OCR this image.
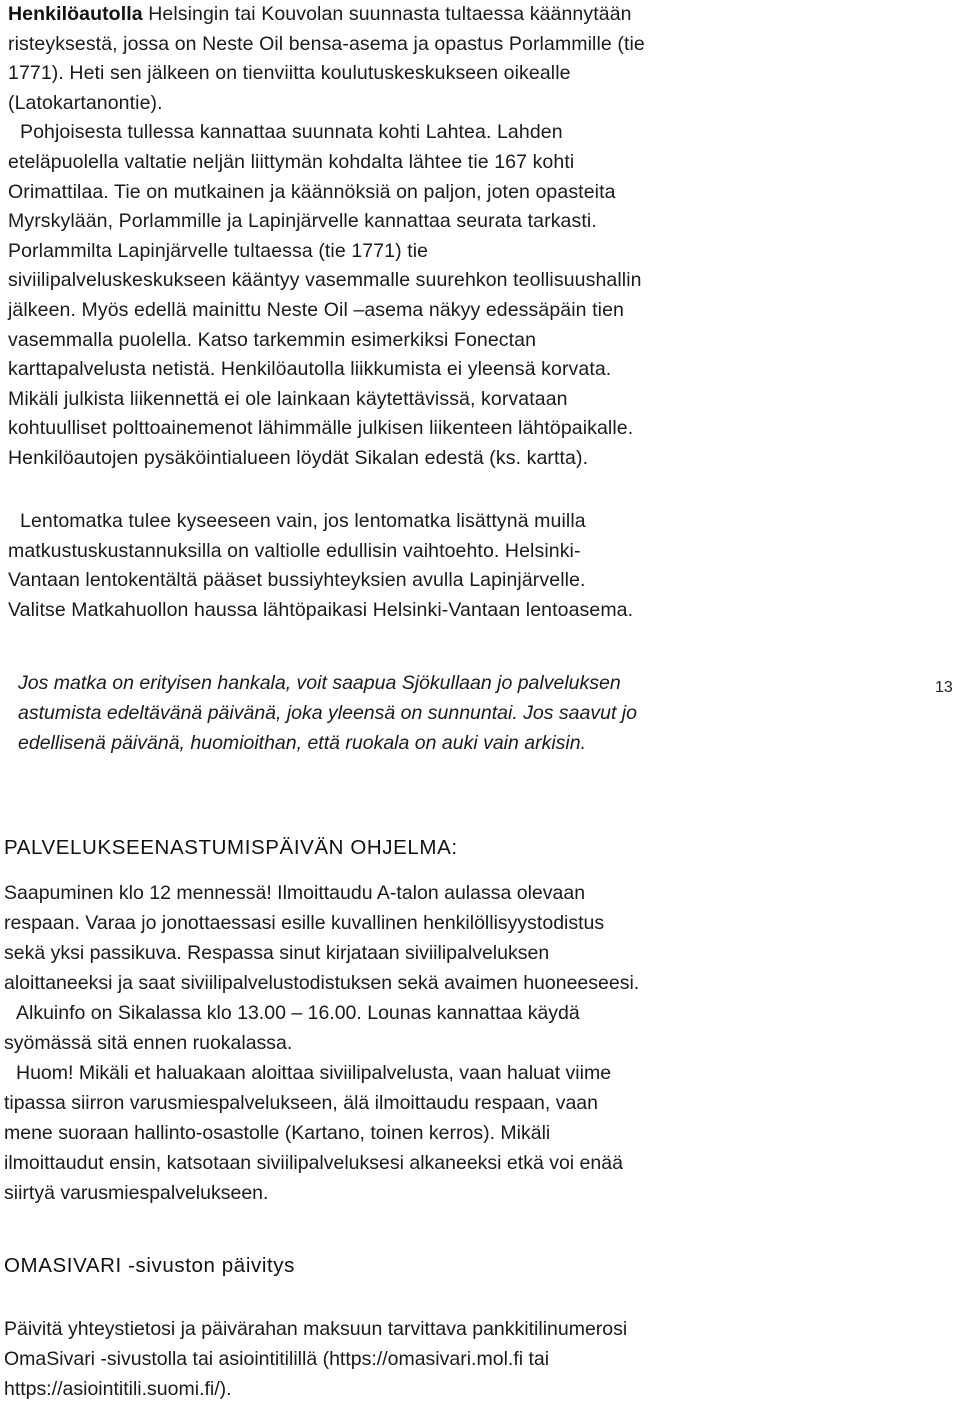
Henkilöautolla Helsingin tai Kouvolan suunnasta tultaessa käännytään risteyksestä, jossa on Neste Oil bensa-asema ja opastus Porlammille (tie 1771). Heti sen jälkeen on tienviitta koulutuskeskukseen oikealle (Latokartanontie).
Pohjoisesta tullessa kannattaa suunnata kohti Lahtea. Lahden eteläpuolella valtatie neljän liittymän kohdalta lähtee tie 167 kohti Orimattilaa. Tie on mutkainen ja käännöksiä on paljon, joten opasteita Myrskylään, Porlammille ja Lapinjärvelle kannattaa seurata tarkasti. Porlammilta Lapinjärvelle tultaessa (tie 1771) tie siviilipalveluskeskukseen kääntyy vasemmalle suurehkon teollisuushallin jälkeen. Myös edellä mainittu Neste Oil –asema näkyy edessäpäin tien vasemmalla puolella. Katso tarkemmin esimerkiksi Fonectan karttapalvelusta netistä. Henkilöautolla liikkumista ei yleensä korvata. Mikäli julkista liikennettä ei ole lainkaan käytettävissä, korvataan kohtuulliset polttoainemenot lähimmälle julkisen liikenteen lähtöpaikalle. Henkilöautojen pysäköintialueen löydät Sikalan edestä (ks. kartta).

Lentomatka tulee kyseeseen vain, jos lentomatka lisättynä muilla matkustuskustannuksilla on valtiolle edullisin vaihtoehto. Helsinki-Vantaan lentokentältä pääset bussiyhteyksien avulla Lapinjärvelle. Valitse Matkahuollon haussa lähtöpaikasi Helsinki-Vantaan lentoasema.

Jos matka on erityisen hankala, voit saapua Sjökullaan jo palveluksen astumista edeltävänä päivänä, joka yleensä on sunnuntai. Jos saavut jo edellisenä päivänä, huomioithan, että ruokala on auki vain arkisin.

13
PALVELUKSEENASTUMISPÄIVÄN OHJELMA:
Saapuminen klo 12 mennessä! Ilmoittaudu A-talon aulassa olevaan respaan. Varaa jo jonottaessasi esille kuvallinen henkilöllisyystodistus sekä yksi passikuva. Respassa sinut kirjataan siviilipalveluksen aloittaneeksi ja saat siviilipalvelustodistuksen sekä avaimen huoneeseesi.
Alkuinfo on Sikalassa klo 13.00 – 16.00. Lounas kannattaa käydä syömässä sitä ennen ruokalassa.
Huom! Mikäli et haluakaan aloittaa siviilipalvelusta, vaan haluat viime tipassa siirron varusmiespalvelukseen, älä ilmoittaudu respaan, vaan mene suoraan hallinto-osastolle (Kartano, toinen kerros). Mikäli ilmoittaudut ensin, katsotaan siviilipalveluksesi alkaneeksi etkä voi enää siirtyä varusmiespalvelukseen.
OMASIVARI -sivuston päivitys

Päivitä yhteystietosi ja päivärahan maksuun tarvittava pankkitilinumerosi OmaSivari -sivustolla tai asiointitilillä (https://omasivari.mol.fi tai https://asiointitili.suomi.fi/).
